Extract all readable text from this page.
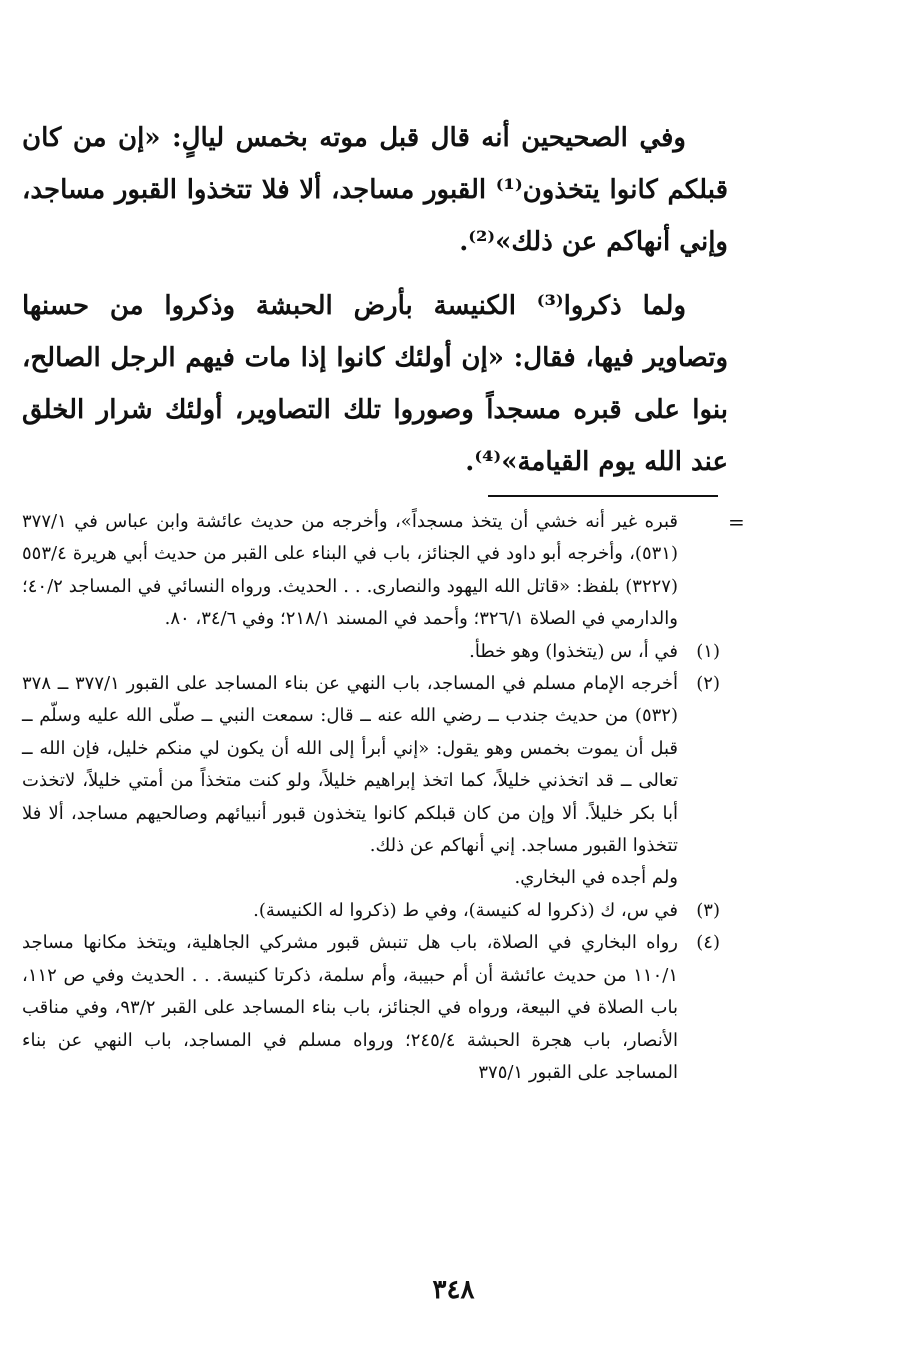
وفي الصحيحين أنه قال قبل موته بخمس ليالٍ: «إن من كان قبلكم كانوا يتخذون⁽¹⁾ القبور مساجد، ألا فلا تتخذوا القبور مساجد، وإني أنهاكم عن ذلك»⁽²⁾.

ولما ذكروا⁽³⁾ الكنيسة بأرض الحبشة وذكروا من حسنها وتصاوير فيها، فقال: «إن أولئك كانوا إذا مات فيهم الرجل الصالح، بنوا على قبره مسجداً وصوروا تلك التصاوير، أولئك شرار الخلق عند الله يوم القيامة»⁽⁴⁾.

=
قبره غير أنه خشي أن يتخذ مسجداً»، وأخرجه من حديث عائشة وابن عباس في ٣٧٧/١ (٥٣١)، وأخرجه أبو داود في الجنائز، باب في البناء على القبر من حديث أبي هريرة ٥٥٣/٤ (٣٢٢٧) بلفظ: «قاتل الله اليهود والنصارى. . . الحديث. ورواه النسائي في المساجد ٤٠/٢؛ والدارمي في الصلاة ٣٢٦/١؛ وأحمد في المسند ٢١٨/١؛ وفي ٣٤/٦، ٨٠.
(١)
في أ، س (يتخذوا) وهو خطأ.
(٢)
أخرجه الإمام مسلم في المساجد، باب النهي عن بناء المساجد على القبور ٣٧٧/١ ــ ٣٧٨ (٥٣٢) من حديث جندب ــ رضي الله عنه ــ قال: سمعت النبي ــ صلّى الله عليه وسلّم ــ قبل أن يموت بخمس وهو يقول: «إني أبرأ إلى الله أن يكون لي منكم خليل، فإن الله ــ تعالى ــ قد اتخذني خليلاً، كما اتخذ إبراهيم خليلاً، ولو كنت متخذاً من أمتي خليلاً، لاتخذت أبا بكر خليلاً. ألا وإن من كان قبلكم كانوا يتخذون قبور أنبيائهم وصالحيهم مساجد، ألا فلا تتخذوا القبور مساجد. إني أنهاكم عن ذلك.
ولم أجده في البخاري.
(٣)
في س، ك (ذكروا له كنيسة)، وفي ط (ذكروا له الكنيسة).
(٤)
رواه البخاري في الصلاة، باب هل تنبش قبور مشركي الجاهلية، ويتخذ مكانها مساجد ١١٠/١ من حديث عائشة أن أم حبيبة، وأم سلمة، ذكرتا كنيسة. . . الحديث وفي ص ١١٢، باب الصلاة في البيعة، ورواه في الجنائز، باب بناء المساجد على القبر ٩٣/٢، وفي مناقب الأنصار، باب هجرة الحبشة ٢٤٥/٤؛ ورواه مسلم في المساجد، باب النهي عن بناء المساجد على القبور ٣٧٥/١
٣٤٨
